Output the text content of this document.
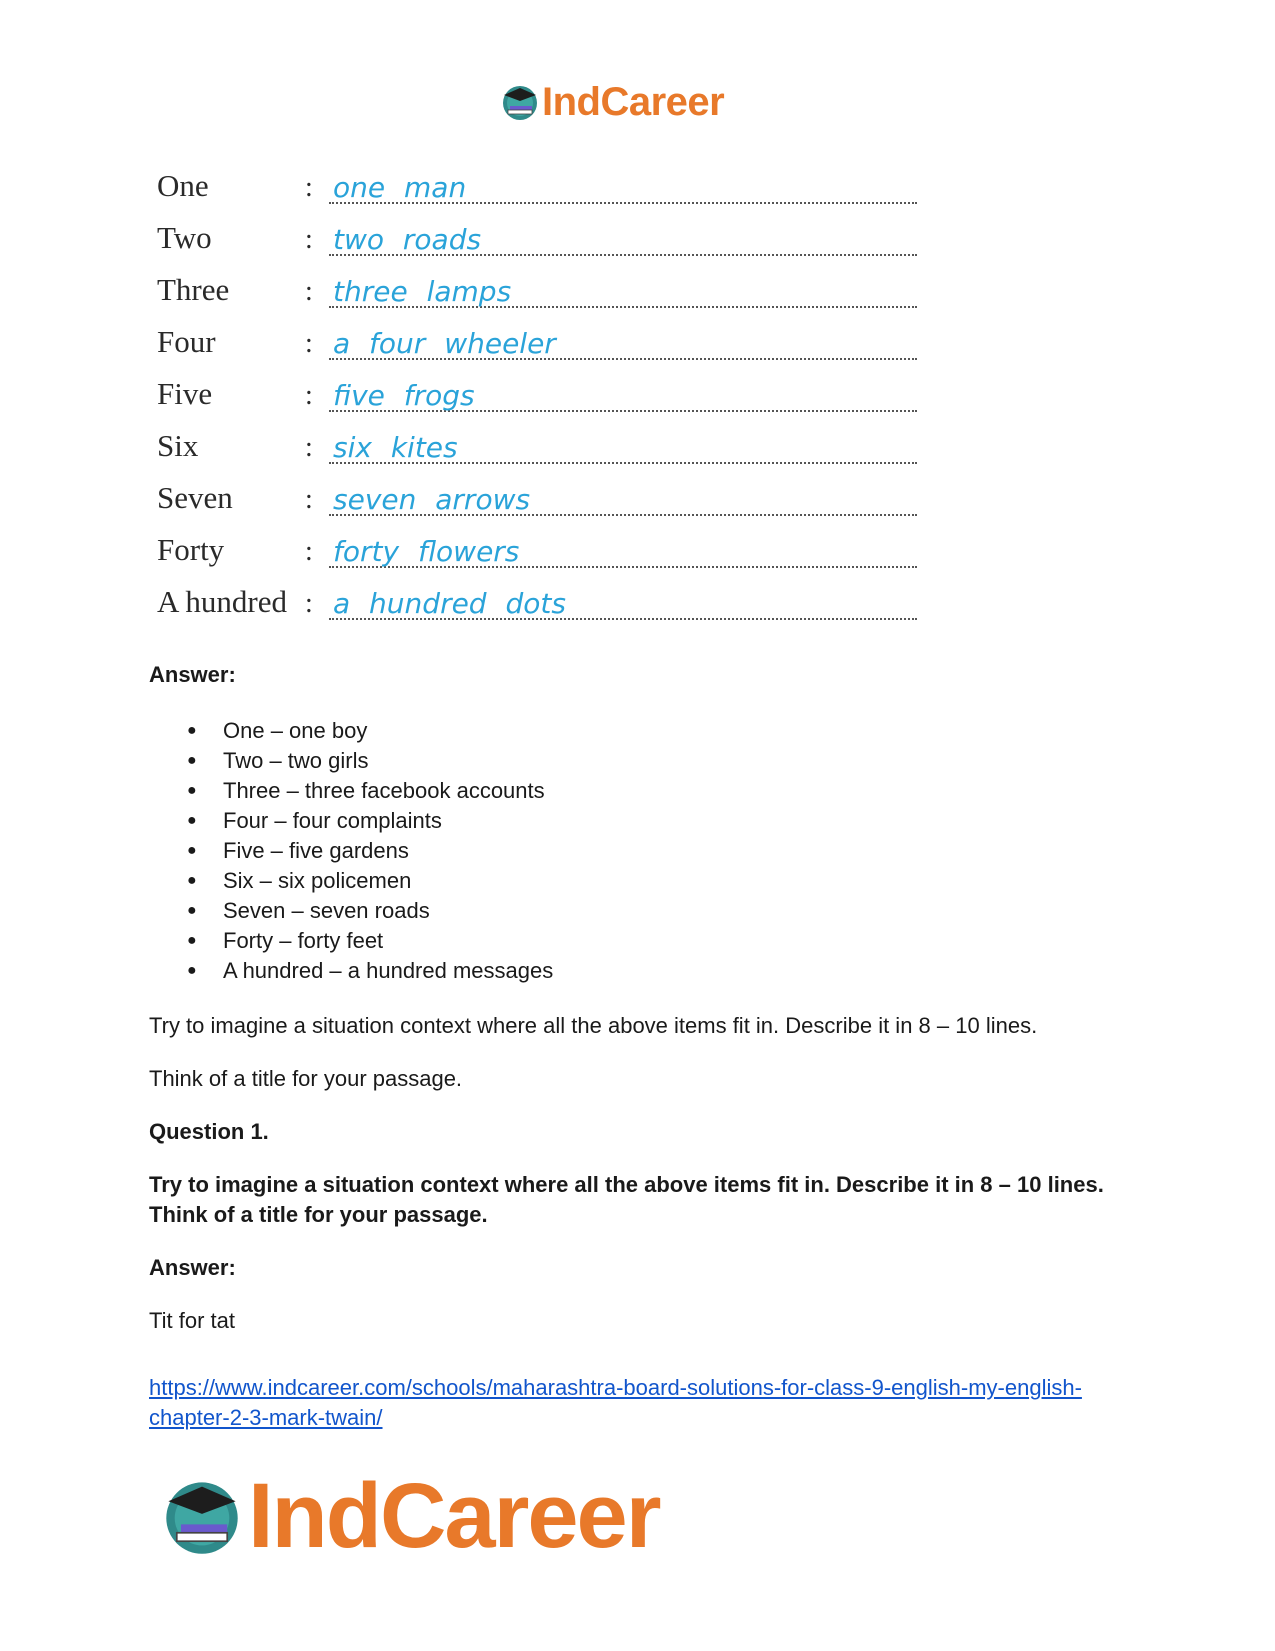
IndCareer
One	: one man
Two	: two roads
Three	: three lamps
Four	: a four wheeler
Five	: five frogs
Six	: six kites
Seven	: seven arrows
Forty	: forty flowers
A hundred : a hundred dots

Answer:

● One – one boy
● Two – two girls
● Three – three facebook accounts
● Four – four complaints
● Five – five gardens
● Six – six policemen
● Seven – seven roads
● Forty – forty feet
● A hundred – a hundred messages

Try to imagine a situation context where all the above items fit in. Describe it in 8 – 10 lines.

Think of a title for your passage.

Question 1.

Try to imagine a situation context where all the above items fit in. Describe it in 8 – 10 lines. Think of a title for your passage.

Answer:

Tit for tat

https://www.indcareer.com/schools/maharashtra-board-solutions-for-class-9-english-my-english-chapter-2-3-mark-twain/

IndCareer
